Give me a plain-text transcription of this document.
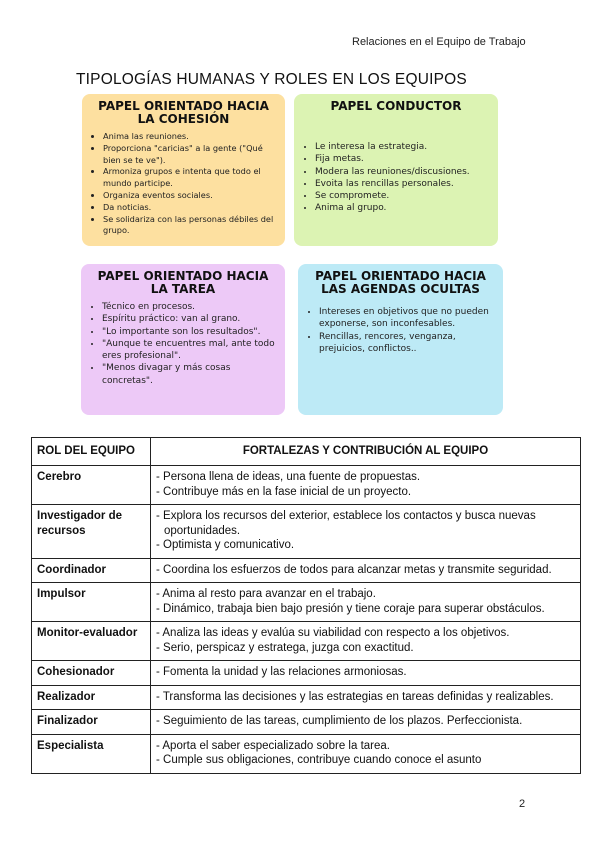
Relaciones en el Equipo de Trabajo
TIPOLOGÍAS HUMANAS Y ROLES EN LOS EQUIPOS
PAPEL ORIENTADO HACIA LA COHESIÓN
• Anima las reuniones.
• Proporciona "caricias" a la gente ("Qué bien se te ve").
• Armoniza grupos e intenta que todo el mundo participe.
• Organiza eventos sociales.
• Da noticias.
• Se solidariza con las personas débiles del grupo.
PAPEL CONDUCTOR
• Le interesa la estrategia.
• Fija metas.
• Modera las reuniones/discusiones.
• Evoita las rencillas personales.
• Se compromete.
• Anima al grupo.
PAPEL ORIENTADO HACIA LA TAREA
• Técnico en procesos.
• Espíritu práctico: van al grano.
• "Lo importante son los resultados".
• "Aunque te encuentres mal, ante todo eres profesional".
• "Menos divagar y más cosas concretas".
PAPEL ORIENTADO HACIA LAS AGENDAS OCULTAS
• Intereses en objetivos que no pueden exponerse, son inconfesables.
• Rencillas, rencores, venganza, prejuicios, conflictos..
ROL DEL EQUIPO	FORTALEZAS Y CONTRIBUCIÓN AL EQUIPO
Cerebro	- Persona llena de ideas, una fuente de propuestas.
- Contribuye más en la fase inicial de un proyecto.

Investigador de recursos	- Explora los recursos del exterior, establece los contactos y busca nuevas
oportunidades.
- Optimista y comunicativo.

Coordinador	- Coordina los esfuerzos de todos para alcanzar metas y transmite seguridad.

Impulsor	- Anima al resto para avanzar en el trabajo.
- Dinámico, trabaja bien bajo presión y tiene coraje para superar obstáculos.

Monitor-evaluador	- Analiza las ideas y evalúa su viabilidad con respecto a los objetivos.
- Serio, perspicaz y estratega, juzga con exactitud.

Cohesionador	- Fomenta la unidad y las relaciones armoniosas.

Realizador	- Transforma las decisiones y las estrategias en tareas definidas y realizables.

Finalizador	- Seguimiento de las tareas, cumplimiento de los plazos. Perfeccionista.

Especialista	- Aporta el saber especializado sobre la tarea.
- Cumple sus obligaciones, contribuye cuando conoce el asunto
2
